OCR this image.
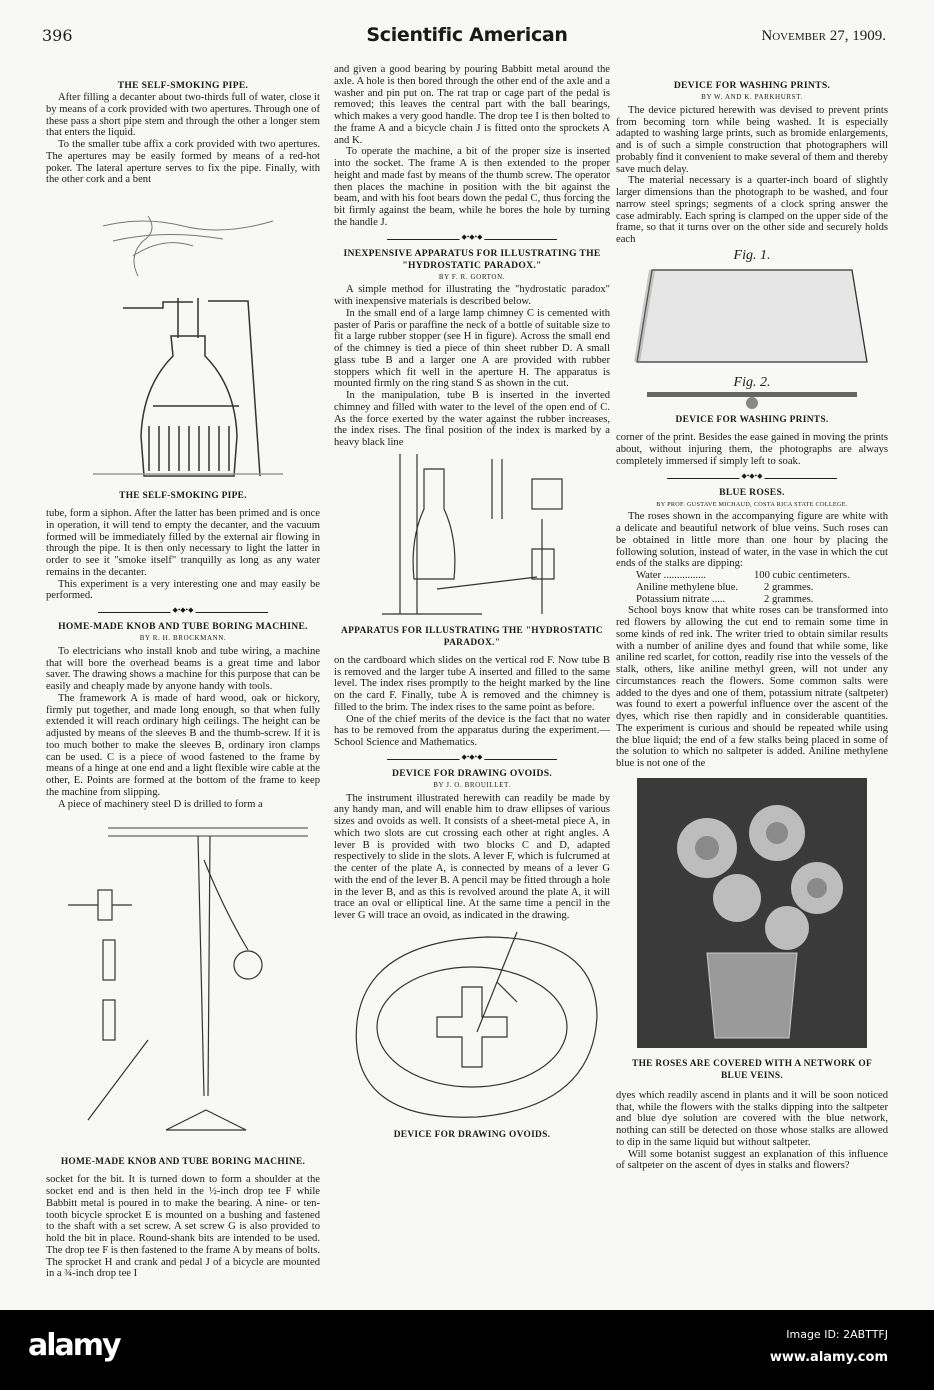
396	Scientific American	November 27, 1909.
THE SELF-SMOKING PIPE.

After filling a decanter about two-thirds full of water, close it by means of a cork provided with two apertures. Through one of these pass a short pipe stem and through the other a longer stem that enters the liquid.

To the smaller tube affix a cork provided with two apertures. The apertures may be easily formed by means of a red-hot poker. The lateral aperture serves to fix the pipe. Finally, with the other cork and a bent

THE SELF-SMOKING PIPE.

tube, form a siphon. After the latter has been primed and is once in operation, it will tend to empty the decanter, and the vacuum formed will be immediately filled by the external air flowing in through the pipe. It is then only necessary to light the latter in order to see it "smoke itself" tranquilly as long as any water remains in the decanter.

This experiment is a very interesting one and may easily be performed.

◆•◆•◆
HOME-MADE KNOB AND TUBE BORING MACHINE.
BY R. H. BROCKMANN.

To electricians who install knob and tube wiring, a machine that will bore the overhead beams is a great time and labor saver. The drawing shows a machine for this purpose that can be easily and cheaply made by anyone handy with tools.

The framework A is made of hard wood, oak or hickory, firmly put together, and made long enough, so that when fully extended it will reach ordinary high ceilings. The height can be adjusted by means of the sleeves B and the thumb-screw. If it is too much bother to make the sleeves B, ordinary iron clamps can be used. C is a piece of wood fastened to the frame by means of a hinge at one end and a light flexible wire cable at the other, E. Points are formed at the bottom of the frame to keep the machine from slipping.

A piece of machinery steel D is drilled to form a

HOME-MADE KNOB AND TUBE BORING MACHINE.

socket for the bit. It is turned down to form a shoulder at the socket end and is then held in the ½-inch drop tee F while Babbitt metal is poured in to make the bearing. A nine- or ten-tooth bicycle sprocket E is mounted on a bushing and fastened to the shaft with a set screw. A set screw G is also provided to hold the bit in place. Round-shank bits are intended to be used. The drop tee F is then fastened to the frame A by means of bolts. The sprocket H and crank and pedal J of a bicycle are mounted in a ¾-inch drop tee I

and given a good bearing by pouring Babbitt metal around the axle. A hole is then bored through the other end of the axle and a washer and pin put on. The rat trap or cage part of the pedal is removed; this leaves the central part with the ball bearings, which makes a very good handle. The drop tee I is then bolted to the frame A and a bicycle chain J is fitted onto the sprockets A and K.

To operate the machine, a bit of the proper size is inserted into the socket. The frame A is then extended to the proper height and made fast by means of the thumb screw. The operator then places the machine in position with the bit against the beam, and with his foot bears down the pedal C, thus forcing the bit firmly against the beam, while he bores the hole by turning the handle J.

◆•◆•◆
INEXPENSIVE APPARATUS FOR ILLUSTRATING THE "HYDROSTATIC PARADOX."
BY F. R. GORTON.

A simple method for illustrating the "hydrostatic paradox" with inexpensive materials is described below.

In the small end of a large lamp chimney C is cemented with paster of Paris or paraffine the neck of a bottle of suitable size to fit a large rubber stopper (see H in figure). Across the small end of the chimney is tied a piece of thin sheet rubber D. A small glass tube B and a larger one A are provided with rubber stoppers which fit well in the aperture H. The apparatus is mounted firmly on the ring stand S as shown in the cut.

In the manipulation, tube B is inserted in the inverted chimney and filled with water to the level of the open end of C. As the force exerted by the water against the rubber increases, the index rises. The final position of the index is marked by a heavy black line

APPARATUS FOR ILLUSTRATING THE "HYDROSTATIC PARADOX."

on the cardboard which slides on the vertical rod F. Now tube B is removed and the larger tube A inserted and filled to the same level. The index rises promptly to the height marked by the line on the card F. Finally, tube A is removed and the chimney is filled to the brim. The index rises to the same point as before.

One of the chief merits of the device is the fact that no water has to be removed from the apparatus during the experiment.—School Science and Mathematics.

◆•◆•◆
DEVICE FOR DRAWING OVOIDS.
BY J. O. BROUILLET.

The instrument illustrated herewith can readily be made by any handy man, and will enable him to draw ellipses of various sizes and ovoids as well. It consists of a sheet-metal piece A, in which two slots are cut crossing each other at right angles. A lever B is provided with two blocks C and D, adapted respectively to slide in the slots. A lever F, which is fulcrumed at the center of the plate A, is connected by means of a lever G with the end of the lever B. A pencil may be fitted through a hole in the lever B, and as this is revolved around the plate A, it will trace an oval or elliptical line. At the same time a pencil in the lever G will trace an ovoid, as indicated in the drawing.

DEVICE FOR DRAWING OVOIDS.
DEVICE FOR WASHING PRINTS.
BY W. AND K. PARKHURST.

The device pictured herewith was devised to prevent prints from becoming torn while being washed. It is especially adapted to washing large prints, such as bromide enlargements, and is of such a simple construction that photographers will probably find it convenient to make several of them and thereby save much delay.

The material necessary is a quarter-inch board of slightly larger dimensions than the photograph to be washed, and four narrow steel springs; segments of a clock spring answer the case admirably. Each spring is clamped on the upper side of the frame, so that it turns over on the other side and securely holds each

Fig. 1.
Fig. 2.
DEVICE FOR WASHING PRINTS.

corner of the print. Besides the ease gained in moving the prints about, without injuring them, the photographs are always completely immersed if simply left to soak.

◆•◆•◆
BLUE ROSES.
BY PROF. GUSTAVE MICHAUD, COSTA RICA STATE COLLEGE.

The roses shown in the accompanying figure are white with a delicate and beautiful network of blue veins. Such roses can be obtained in little more than one hour by placing the following solution, instead of water, in the vase in which the cut ends of the stalks are dipping:

Water ................	100 cubic centimeters.
Aniline methylene blue. 2 grammes.
Potassium nitrate .....	2 grammes.

School boys know that white roses can be transformed into red flowers by allowing the cut end to remain some time in some kinds of red ink. The writer tried to obtain similar results with a number of aniline dyes and found that while some, like aniline red scarlet, for cotton, readily rise into the vessels of the stalk, others, like aniline methyl green, will not under any circumstances reach the flowers. Some common salts were added to the dyes and one of them, potassium nitrate (saltpeter) was found to exert a powerful influence over the ascent of the dyes, which rise then rapidly and in considerable quantities. The experiment is curious and should be repeated while using the blue liquid; the end of a few stalks being placed in some of the solution to which no saltpeter is added. Aniline methylene blue is not one of the

THE ROSES ARE COVERED WITH A NETWORK OF BLUE VEINS.

dyes which readily ascend in plants and it will be soon noticed that, while the flowers with the stalks dipping into the saltpeter and blue dye solution are covered with the blue network, nothing can still be detected on those whose stalks are allowed to dip in the same liquid but without saltpeter.

Will some botanist suggest an explanation of this influence of saltpeter on the ascent of dyes in stalks and flowers?

alamy	Image ID: 2ABTTFJ
www.alamy.com
